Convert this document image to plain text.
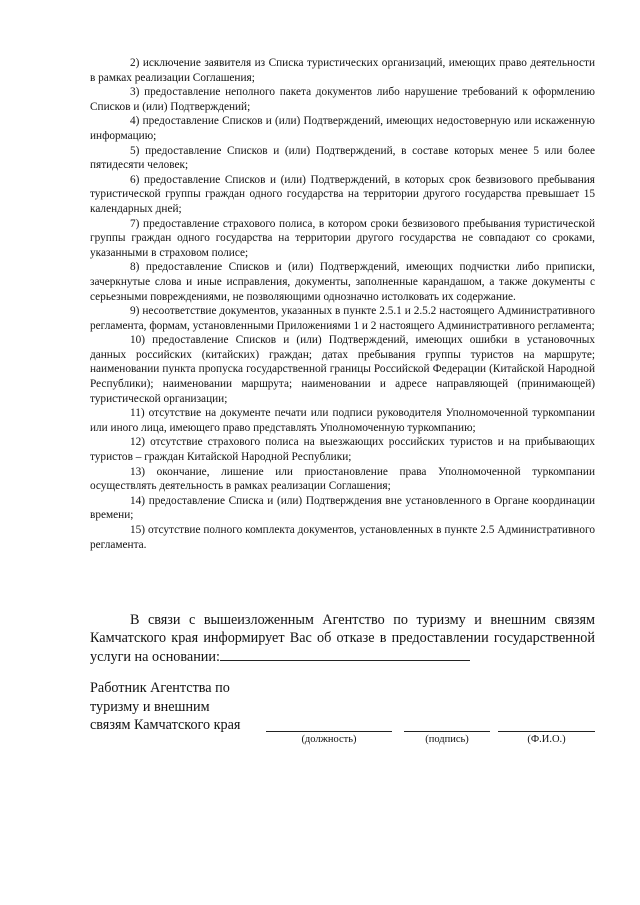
2) исключение заявителя из Списка туристических организаций, имеющих право деятельности в рамках реализации Соглашения;

3) предоставление неполного пакета документов либо нарушение требований к оформлению Списков и (или) Подтверждений;

4) предоставление Списков и (или) Подтверждений, имеющих недостоверную или искаженную информацию;

5) предоставление Списков и (или) Подтверждений, в составе которых менее 5 или более пятидесяти человек;

6) предоставление Списков и (или) Подтверждений, в которых срок безвизового пребывания туристической группы граждан одного государства на территории другого государства превышает 15 календарных дней;

7) предоставление страхового полиса, в котором сроки безвизового пребывания туристической группы граждан одного государства на территории другого государства не совпадают со сроками, указанными в страховом полисе;

8) предоставление Списков и (или) Подтверждений, имеющих подчистки либо приписки, зачеркнутые слова и иные исправления, документы, заполненные карандашом, а также документы с серьезными повреждениями, не позволяющими однозначно истолковать их содержание.

9) несоответствие документов, указанных в пункте 2.5.1 и 2.5.2 настоящего Административного регламента, формам, установленными Приложениями 1 и 2 настоящего Административного регламента;

10) предоставление Списков и (или) Подтверждений, имеющих ошибки в установочных данных российских (китайских) граждан; датах пребывания группы туристов на маршруте; наименовании пункта пропуска государственной границы Российской Федерации (Китайской Народной Республики); наименовании маршрута; наименовании и адресе направляющей (принимающей) туристической организации;

11) отсутствие на документе печати или подписи руководителя Уполномоченной туркомпании или иного лица, имеющего право представлять Уполномоченную туркомпанию;

12) отсутствие страхового полиса на выезжающих российских туристов и на прибывающих туристов – граждан Китайской Народной Республики;

13) окончание, лишение или приостановление права Уполномоченной туркомпании осуществлять деятельность в рамках реализации Соглашения;

14) предоставление Списка и (или) Подтверждения вне установленного в Органе координации времени;

15) отсутствие полного комплекта документов, установленных в пункте 2.5 Административного регламента.

В связи с вышеизложенным Агентство по туризму и внешним связям Камчатского края информирует Вас об отказе в предоставлении государственной услуги на основании:
Работник Агентства по
туризму и внешним
связям Камчатского края
(должность)	(подпись)	(Ф.И.О.)
